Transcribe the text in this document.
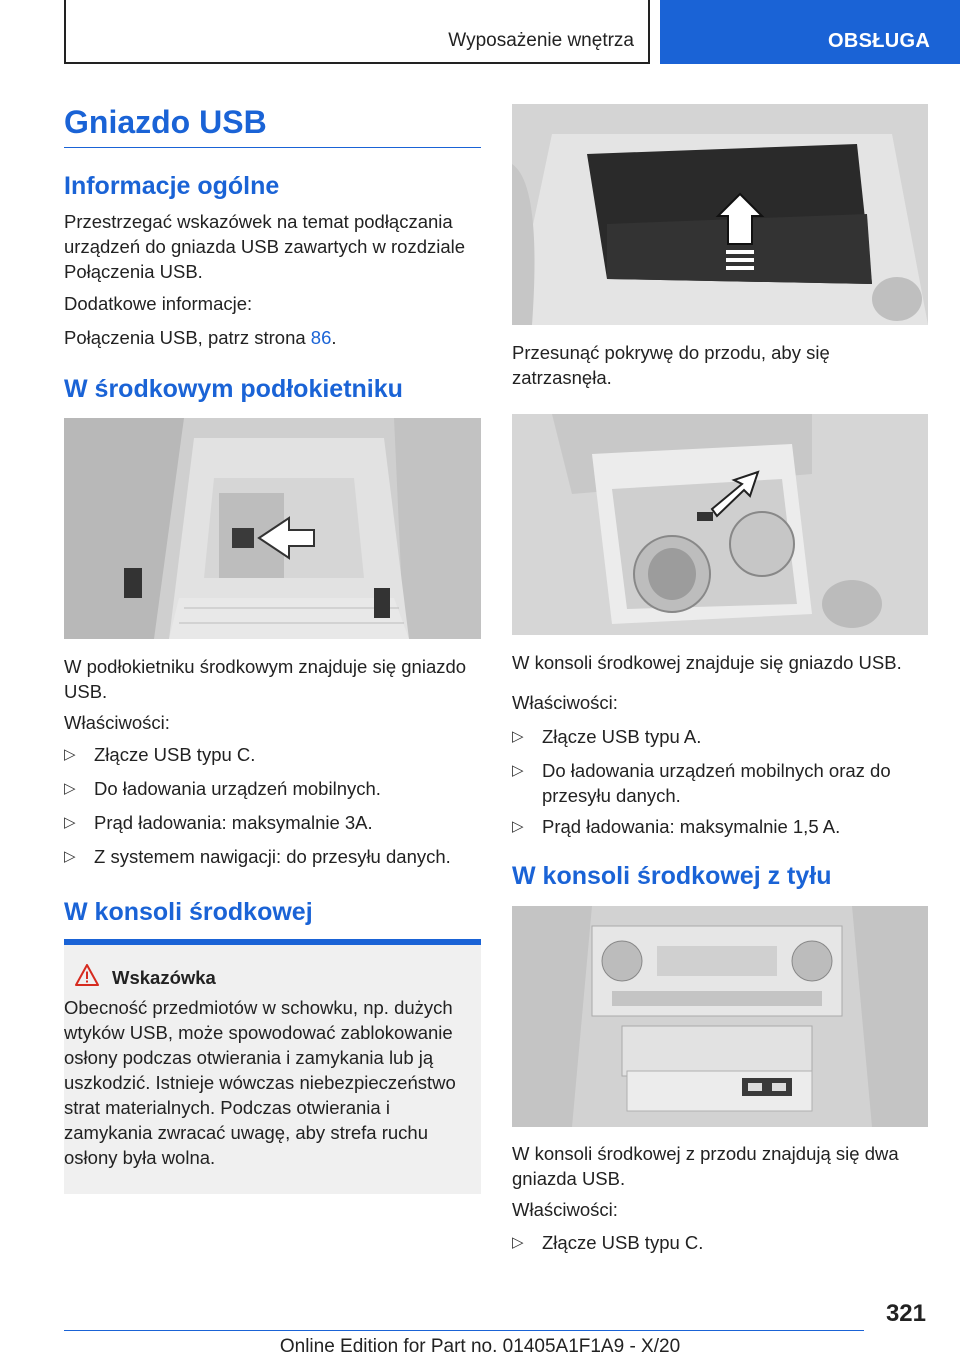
Wyposażenie wnętrza	OBSŁUGA
Gniazdo USB
Informacje ogólne

Przestrzegać wskazówek na temat podłączania urządzeń do gniazda USB zawartych w rozdziale Połączenia USB.

Dodatkowe informacje:

Połączenia USB, patrz strona 86.

W środkowym podłokietniku

W podłokietniku środkowym znajduje się gniazdo USB.

Właściwości:

▷ Złącze USB typu C.
▷ Do ładowania urządzeń mobilnych.
▷ Prąd ładowania: maksymalnie 3A.
▷ Z systemem nawigacji: do przesyłu danych.
W konsoli środkowej
Wskazówka

Obecność przedmiotów w schowku, np. dużych wtyków USB, może spowodować zablokowanie osłony podczas otwierania i zamykania lub ją uszkodzić. Istnieje wówczas niebezpieczeństwo strat materialnych. Podczas otwierania i zamykania zwracać uwagę, aby strefa ruchu osłony była wolna.

Przesunąć pokrywę do przodu, aby się zatrzasnęła.

W konsoli środkowej znajduje się gniazdo USB.

Właściwości:

▷ Złącze USB typu A.
▷ Do ładowania urządzeń mobilnych oraz do przesyłu danych.
▷ Prąd ładowania: maksymalnie 1,5 A.
W konsoli środkowej z tyłu

W konsoli środkowej z przodu znajdują się dwa gniazda USB.

Właściwości:

▷ Złącze USB typu C.
321
Online Edition for Part no. 01405A1F1A9 - X/20
